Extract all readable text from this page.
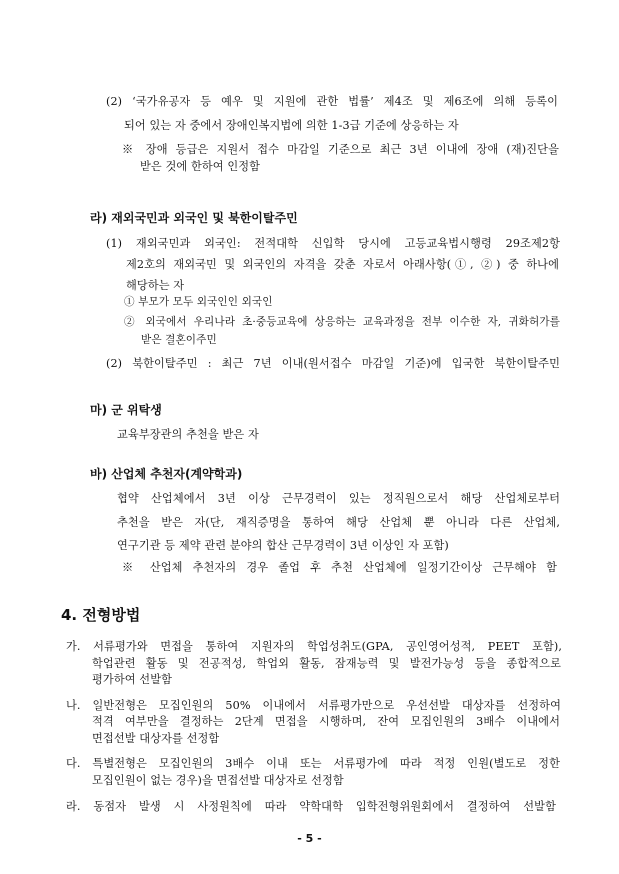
(2) ‘국가유공자 등 예우 및 지원에 관한 법률’ 제4조 및 제6조에 의해 등록이
되어 있는 자 중에서 장애인복지법에 의한 1-3급 기준에 상응하는 자
※ 장애 등급은 지원서 접수 마감일 기준으로 최근 3년 이내에 장애 (재)진단을
받은 것에 한하여 인정함
라) 재외국민과 외국인 및 북한이탈주민
(1) 재외국민과 외국인: 전적대학 신입학 당시에 고등교육법시행령 29조제2항
제2호의 재외국민 및 외국인의 자격을 갖춘 자로서 아래사항(①, ②) 중 하나에
해당하는 자
① 부모가 모두 외국인인 외국인
② 외국에서 우리나라 초·중등교육에 상응하는 교육과정을 전부 이수한 자, 귀화허가를
받은 결혼이주민
(2) 북한이탈주민 : 최근 7년 이내(원서접수 마감일 기준)에 입국한 북한이탈주민
마) 군 위탁생
교육부장관의 추천을 받은 자
바) 산업체 추천자(계약학과)
협약 산업체에서 3년 이상 근무경력이 있는 정직원으로서 해당 산업체로부터
추천을 받은 자(단, 재직증명을 통하여 해당 산업체 뿐 아니라 다른 산업체,
연구기관 등 제약 관련 분야의 합산 근무경력이 3년 이상인 자 포함)
※ 산업체 추천자의 경우 졸업 후 추천 산업체에 일정기간이상 근무해야 함
4. 전형방법
가. 서류평가와 면접을 통하여 지원자의 학업성취도(GPA, 공인영어성적, PEET 포함),
학업관련 활동 및 전공적성, 학업외 활동, 잠재능력 및 발전가능성 등을 종합적으로
평가하여 선발함
나. 일반전형은 모집인원의 50% 이내에서 서류평가만으로 우선선발 대상자를 선정하여
적격 여부만을 결정하는 2단계 면접을 시행하며, 잔여 모집인원의 3배수 이내에서
면접선발 대상자를 선정함
다. 특별전형은 모집인원의 3배수 이내 또는 서류평가에 따라 적정 인원(별도로 정한
모집인원이 없는 경우)을 면접선발 대상자로 선정함
라. 동점자 발생 시 사정원칙에 따라 약학대학 입학전형위원회에서 결정하여 선발함
- 5 -
